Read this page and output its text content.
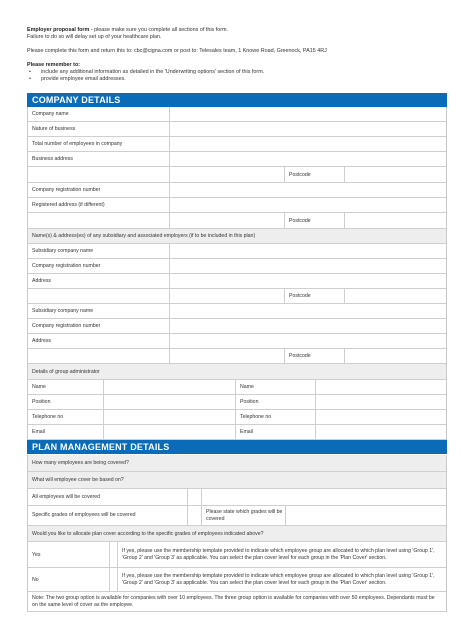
Employer proposal form - please make sure you complete all sections of this form.

Failure to do so will delay set up of your healthcare plan.

Please complete this form and return this to: cbc@cigna.com or post to: Telesales team, 1 Knowe Road, Greenock, PA15 4RJ

Please remember to:

• include any additional information as detailed in the 'Underwriting options' section of this form.
• provide employee email addresses.
COMPANY DETAILS
Company name
Nature of business
Total number of employees in company
Business address
Postcode
Company registration number
Registered address (if different)
Postcode
Name(s) & address(es) of any subsidiary and associated employers (if to be included in this plan)
Subsidiary company name
Company registration number
Address
Postcode
Subsidiary company name
Company registration number
Address
Postcode
Details of group administrator
Name	Name
Position	Position
Telephone no	Telephone no
Email	Email
PLAN MANAGEMENT DETAILS
How many employees are being covered?
What will employee cover be based on?
All employees will be covered
Specific grades of employees will be covered
Please state which grades will be covered
Would you like to allocate plan cover according to the specific grades of employees indicated above?
Yes
If yes, please use the membership template provided to indicate which employee group are allocated to which plan level using 'Group 1', 'Group 2' and 'Group 3' as applicable. You can select the plan cover level for each group in the 'Plan Cover' section.
No
If yes, please use the membership template provided to indicate which employee group are allocated to which plan level using 'Group 1', 'Group 2' and 'Group 3' as applicable. You can select the plan cover level for each group in the 'Plan Cover' section.
Note: The two group option is available for companies with over 10 employees. The three group option is available for companies with over 50 employees. Dependants must be on the same level of cover as the employee.
